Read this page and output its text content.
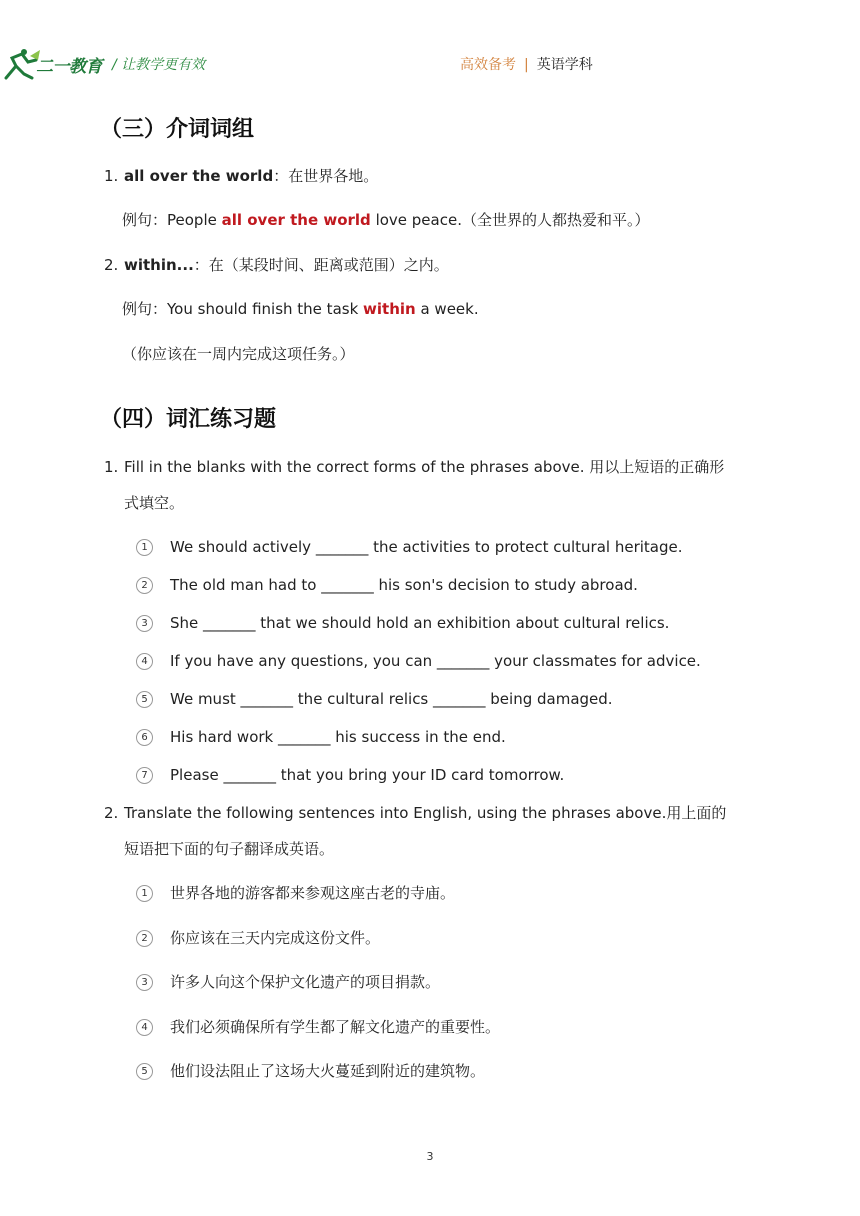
二一教育 / 让教学更有效	高效备考 | 英语学科
（三）介词词组
1. all over the world：在世界各地。
例句：People all over the world love peace.（全世界的人都热爱和平。）
2. within...：在（某段时间、距离或范围）之内。
例句：You should finish the task within a week.
（你应该在一周内完成这项任务。）
（四）词汇练习题
1. Fill in the blanks with the correct forms of the phrases above. 用以上短语的正确形
式填空。
1	We should actively _______ the activities to protect cultural heritage.
2	The old man had to _______ his son's decision to study abroad.
3	She _______ that we should hold an exhibition about cultural relics.
4	If you have any questions, you can _______ your classmates for advice.
5	We must _______ the cultural relics _______ being damaged.
6	His hard work _______ his success in the end.
7	Please _______ that you bring your ID card tomorrow.
2. Translate the following sentences into English, using the phrases above.用上面的
短语把下面的句子翻译成英语。
1	世界各地的游客都来参观这座古老的寺庙。
2	你应该在三天内完成这份文件。
3	许多人向这个保护文化遗产的项目捐款。
4	我们必须确保所有学生都了解文化遗产的重要性。
5	他们设法阻止了这场大火蔓延到附近的建筑物。
3
